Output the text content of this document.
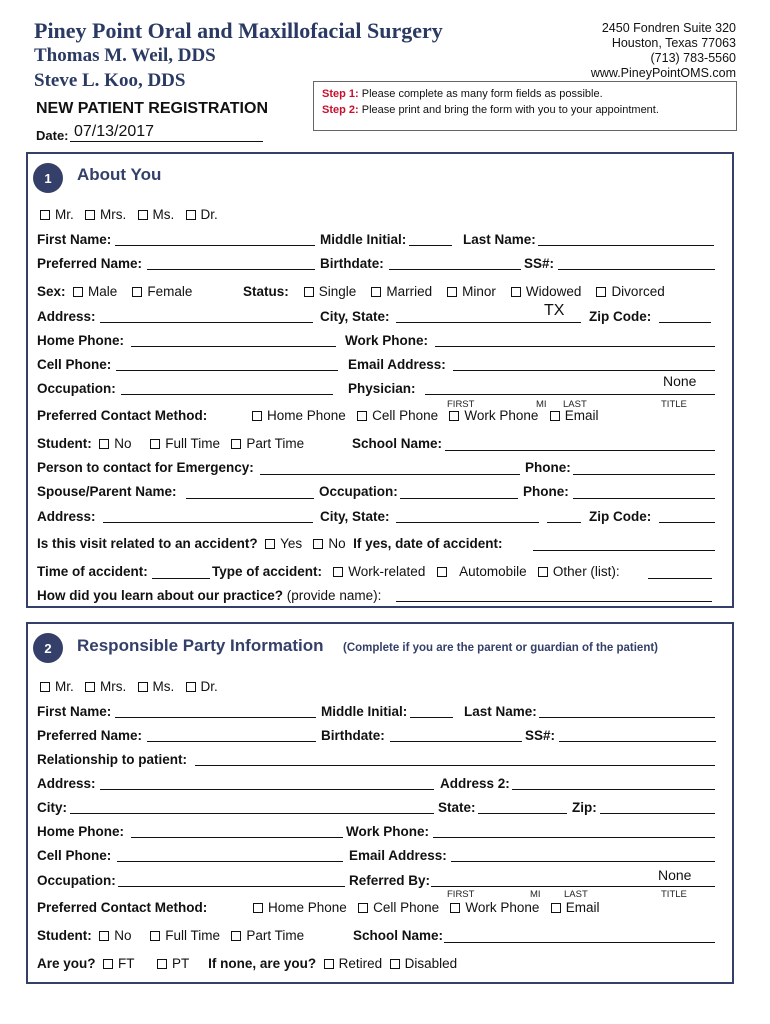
Piney Point Oral and Maxillofacial Surgery
Thomas M. Weil, DDS
Steve L. Koo, DDS
NEW PATIENT REGISTRATION
Date: 07/13/2017
2450 Fondren Suite 320
Houston, Texas 77063
(713) 783-5560
www.PineyPointOMS.com
Step 1: Please complete as many form fields as possible.
Step 2: Please print and bring the form with you to your appointment.
1	About You
Mr. Mrs. Ms. Dr.
First Name:	Middle Initial:	Last Name:
Preferred Name:	Birthdate:	SS#:
Sex: Male Female	Status: Single Married Minor Widowed Divorced
Address:	City, State:	TX Zip Code:
Home Phone:	Work Phone:
Cell Phone:	Email Address:
Occupation:	Physician:	None
FIRST	MI LAST	TITLE
Preferred Contact Method:	Home Phone Cell Phone Work Phone Email
Student: No	Full Time Part Time	School Name:
Person to contact for Emergency:	Phone:
Spouse/Parent Name:	Occupation:	Phone:
Address:	City, State:	Zip Code:
Is this visit related to an accident? Yes No If yes, date of accident:
Time of accident:	Type of accident: Work-related	Automobile Other (list):
How did you learn about our practice? (provide name):
2	Responsible Party Information (Complete if you are the parent or guardian of the patient)
Mr. Mrs. Ms. Dr.
First Name:	Middle Initial:	Last Name:
Preferred Name:	Birthdate:	SS#:
Relationship to patient:
Address:	Address 2:
City:	State:	Zip:
Home Phone:	Work Phone:
Cell Phone:	Email Address:
Occupation:	Referred By:	None
FIRST	MI LAST	TITLE
Preferred Contact Method:	Home Phone Cell Phone Work Phone Email
Student: No	Full Time Part Time	School Name:
Are you? FT	PT If none, are you? Retired Disabled
